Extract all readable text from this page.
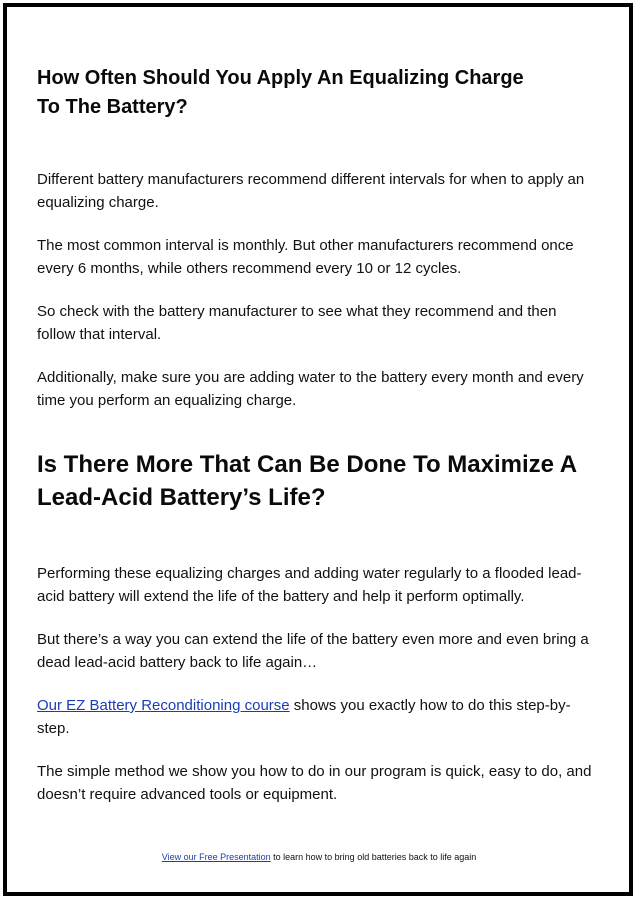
How Often Should You Apply An Equalizing Charge
To The Battery?

Different battery manufacturers recommend different intervals for when to apply an equalizing charge.

The most common interval is monthly. But other manufacturers recommend once every 6 months, while others recommend every 10 or 12 cycles.

So check with the battery manufacturer to see what they recommend and then follow that interval.

Additionally, make sure you are adding water to the battery every month and every time you perform an equalizing charge.

Is There More That Can Be Done To Maximize A
Lead-Acid Battery’s Life?

Performing these equalizing charges and adding water regularly to a flooded lead-acid battery will extend the life of the battery and help it perform optimally.

But there’s a way you can extend the life of the battery even more and even bring a dead lead-acid battery back to life again…

Our EZ Battery Reconditioning course shows you exactly how to do this step-by-step.

The simple method we show you how to do in our program is quick, easy to do, and doesn’t require advanced tools or equipment.

View our Free Presentation to learn how to bring old batteries back to life again
